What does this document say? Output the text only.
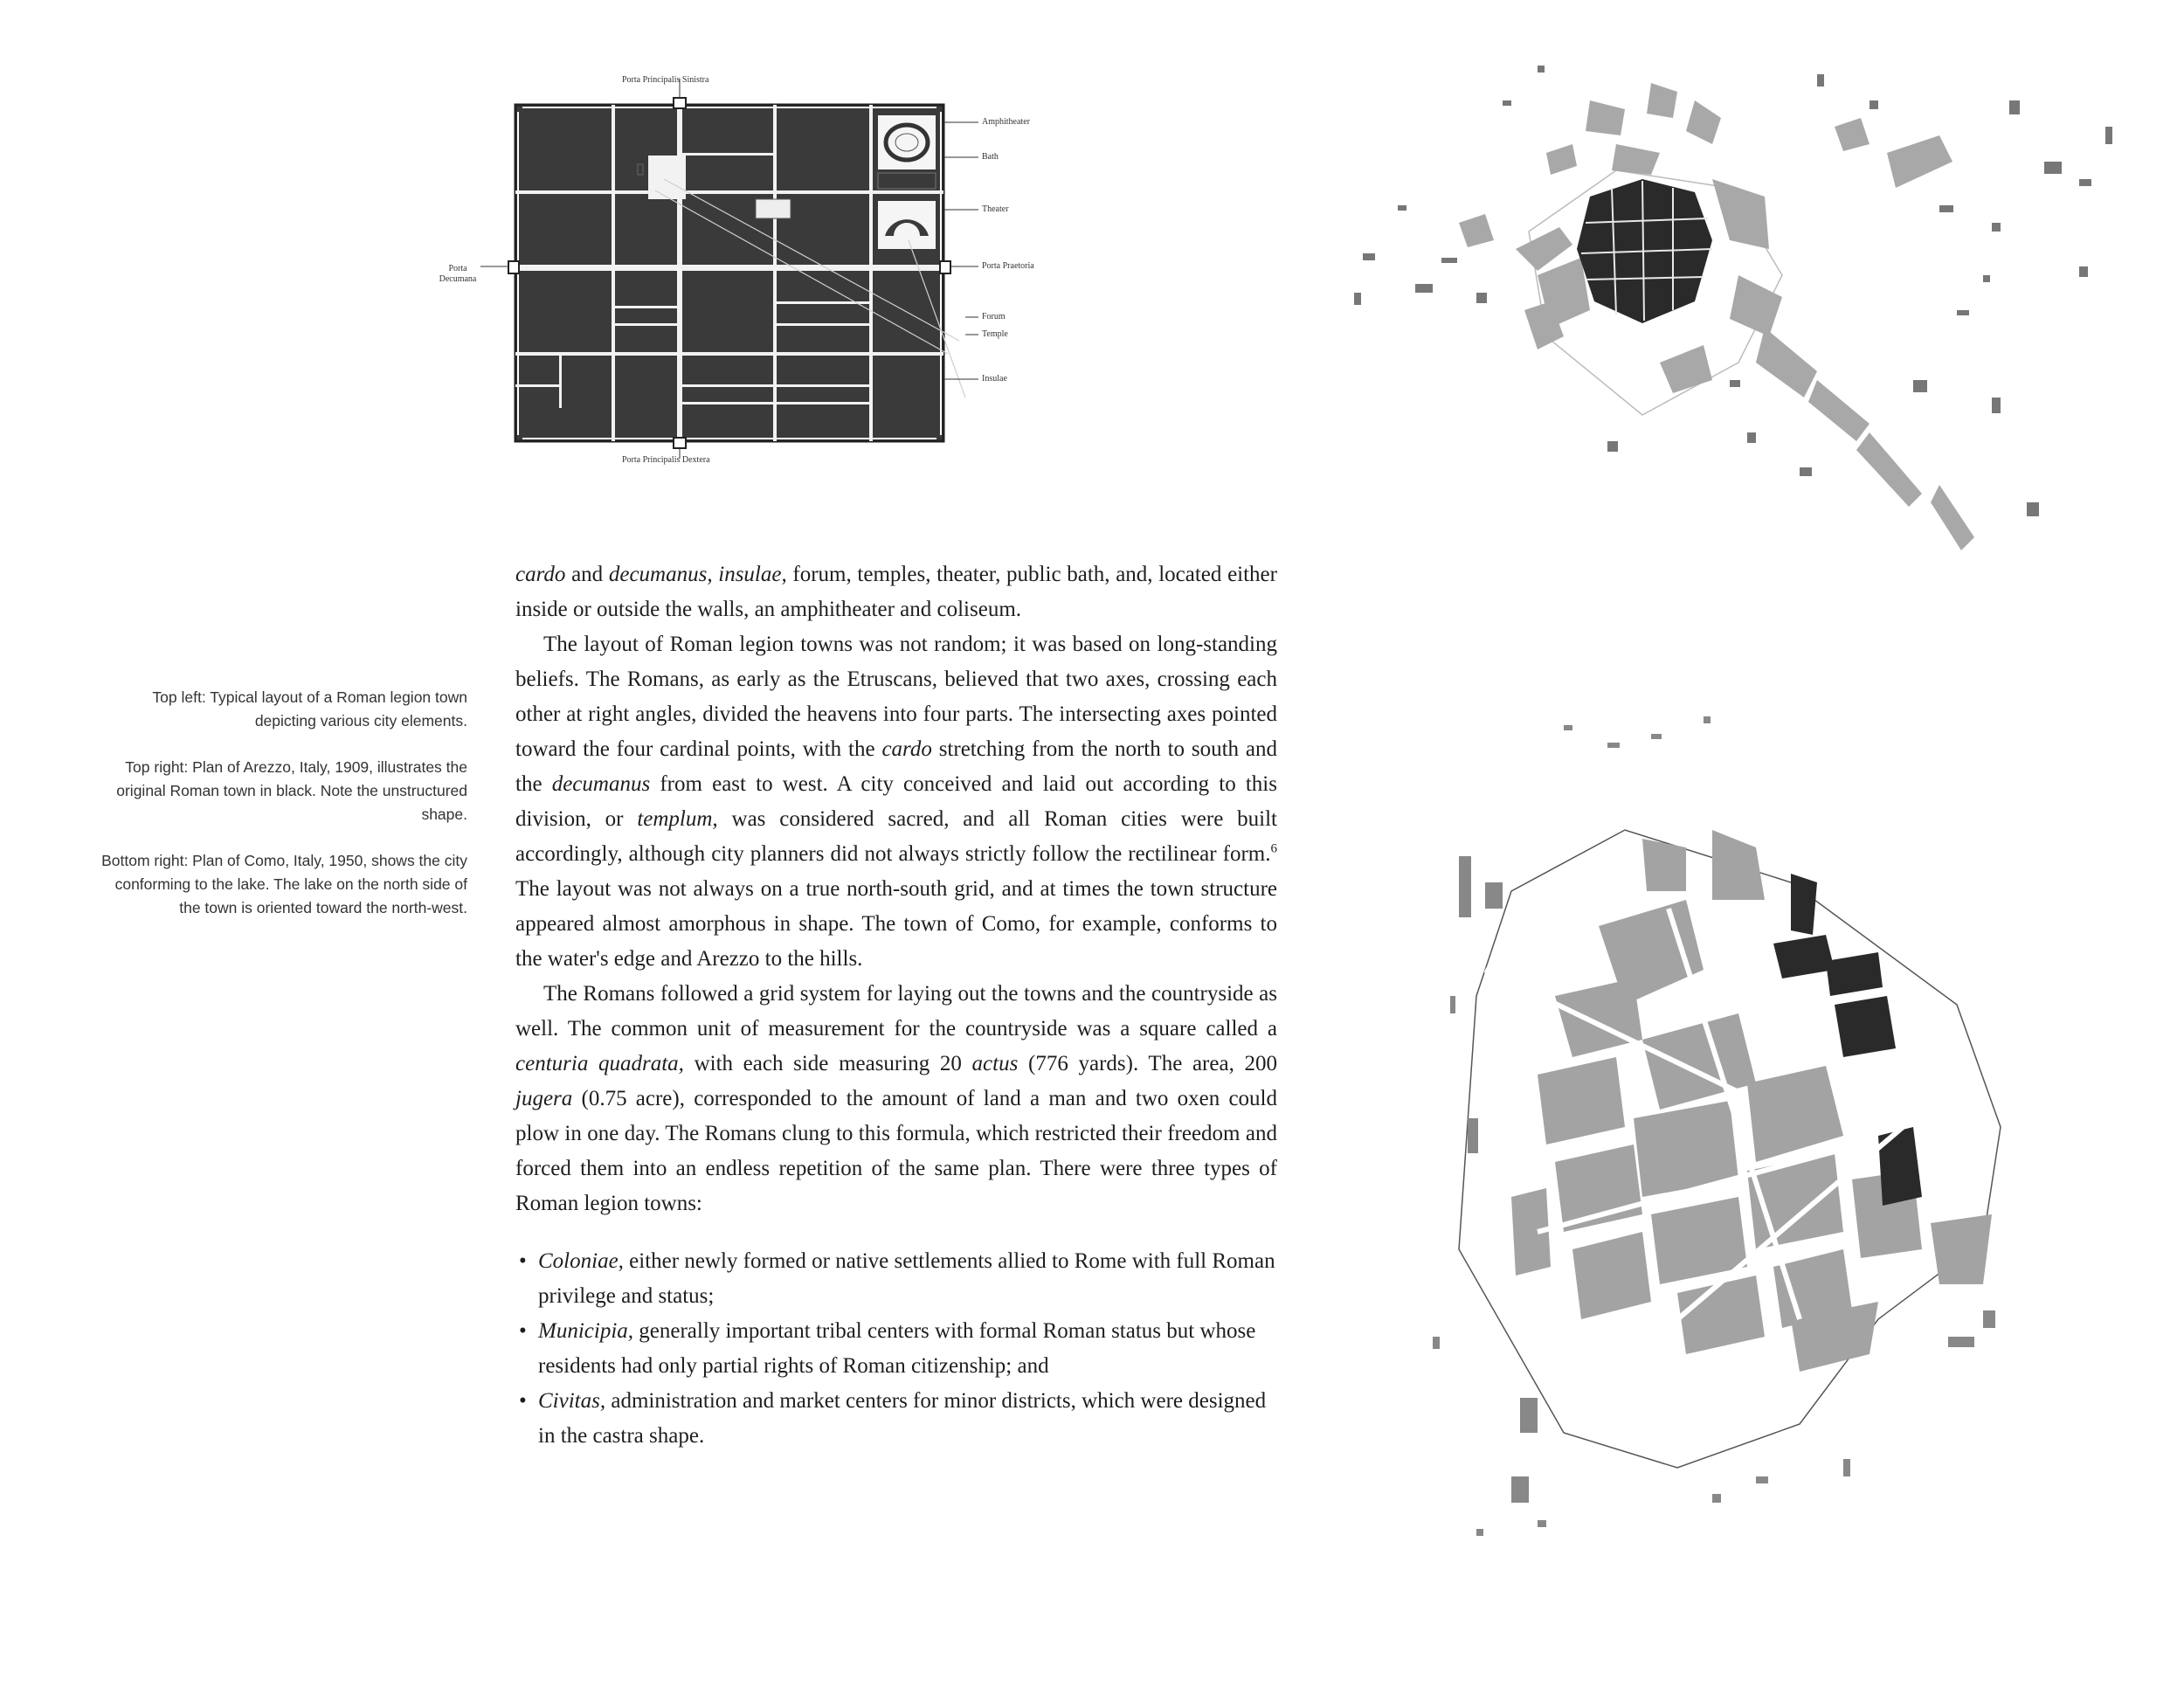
Porta Principalis Sinistra
Porta Principalis Dextera
Porta Decumana
Amphitheater
Bath
Theater
Porta Praetoria
Forum
Temple
Insulae

Top left: Typical layout of a Roman legion town depicting various city elements.

Top right: Plan of Arezzo, Italy, 1909, illustrates the original Roman town in black. Note the unstructured shape.

Bottom right: Plan of Como, Italy, 1950, shows the city conforming to the lake. The lake on the north side of the town is oriented toward the north-west.

cardo and decumanus, insulae, forum, temples, theater, public bath, and, located either inside or outside the walls, an amphitheater and coliseum.

The layout of Roman legion towns was not random; it was based on long-standing beliefs. The Romans, as early as the Etruscans, believed that two axes, crossing each other at right angles, divided the heavens into four parts. The intersecting axes pointed toward the four cardinal points, with the cardo stretching from the north to south and the decumanus from east to west. A city conceived and laid out according to this division, or templum, was considered sacred, and all Roman cities were built accordingly, although city planners did not always strictly follow the rectilinear form.$^6$ The layout was not always on a true north-south grid, and at times the town structure appeared almost amorphous in shape. The town of Como, for example, conforms to the water's edge and Arezzo to the hills.

The Romans followed a grid system for laying out the towns and the countryside as well. The common unit of measurement for the countryside was a square called a centuria quadrata, with each side measuring 20 actus (776 yards). The area, 200 jugera (0.75 acre), corresponded to the amount of land a man and two oxen could plow in one day. The Romans clung to this formula, which restricted their freedom and forced them into an endless repetition of the same plan. There were three types of Roman legion towns:

• Coloniae, either newly formed or native settlements allied to Rome with full Roman privilege and status;
• Municipia, generally important tribal centers with formal Roman status but whose residents had only partial rights of Roman citizenship; and
• Civitas, administration and market centers for minor districts, which were designed in the castra shape.
